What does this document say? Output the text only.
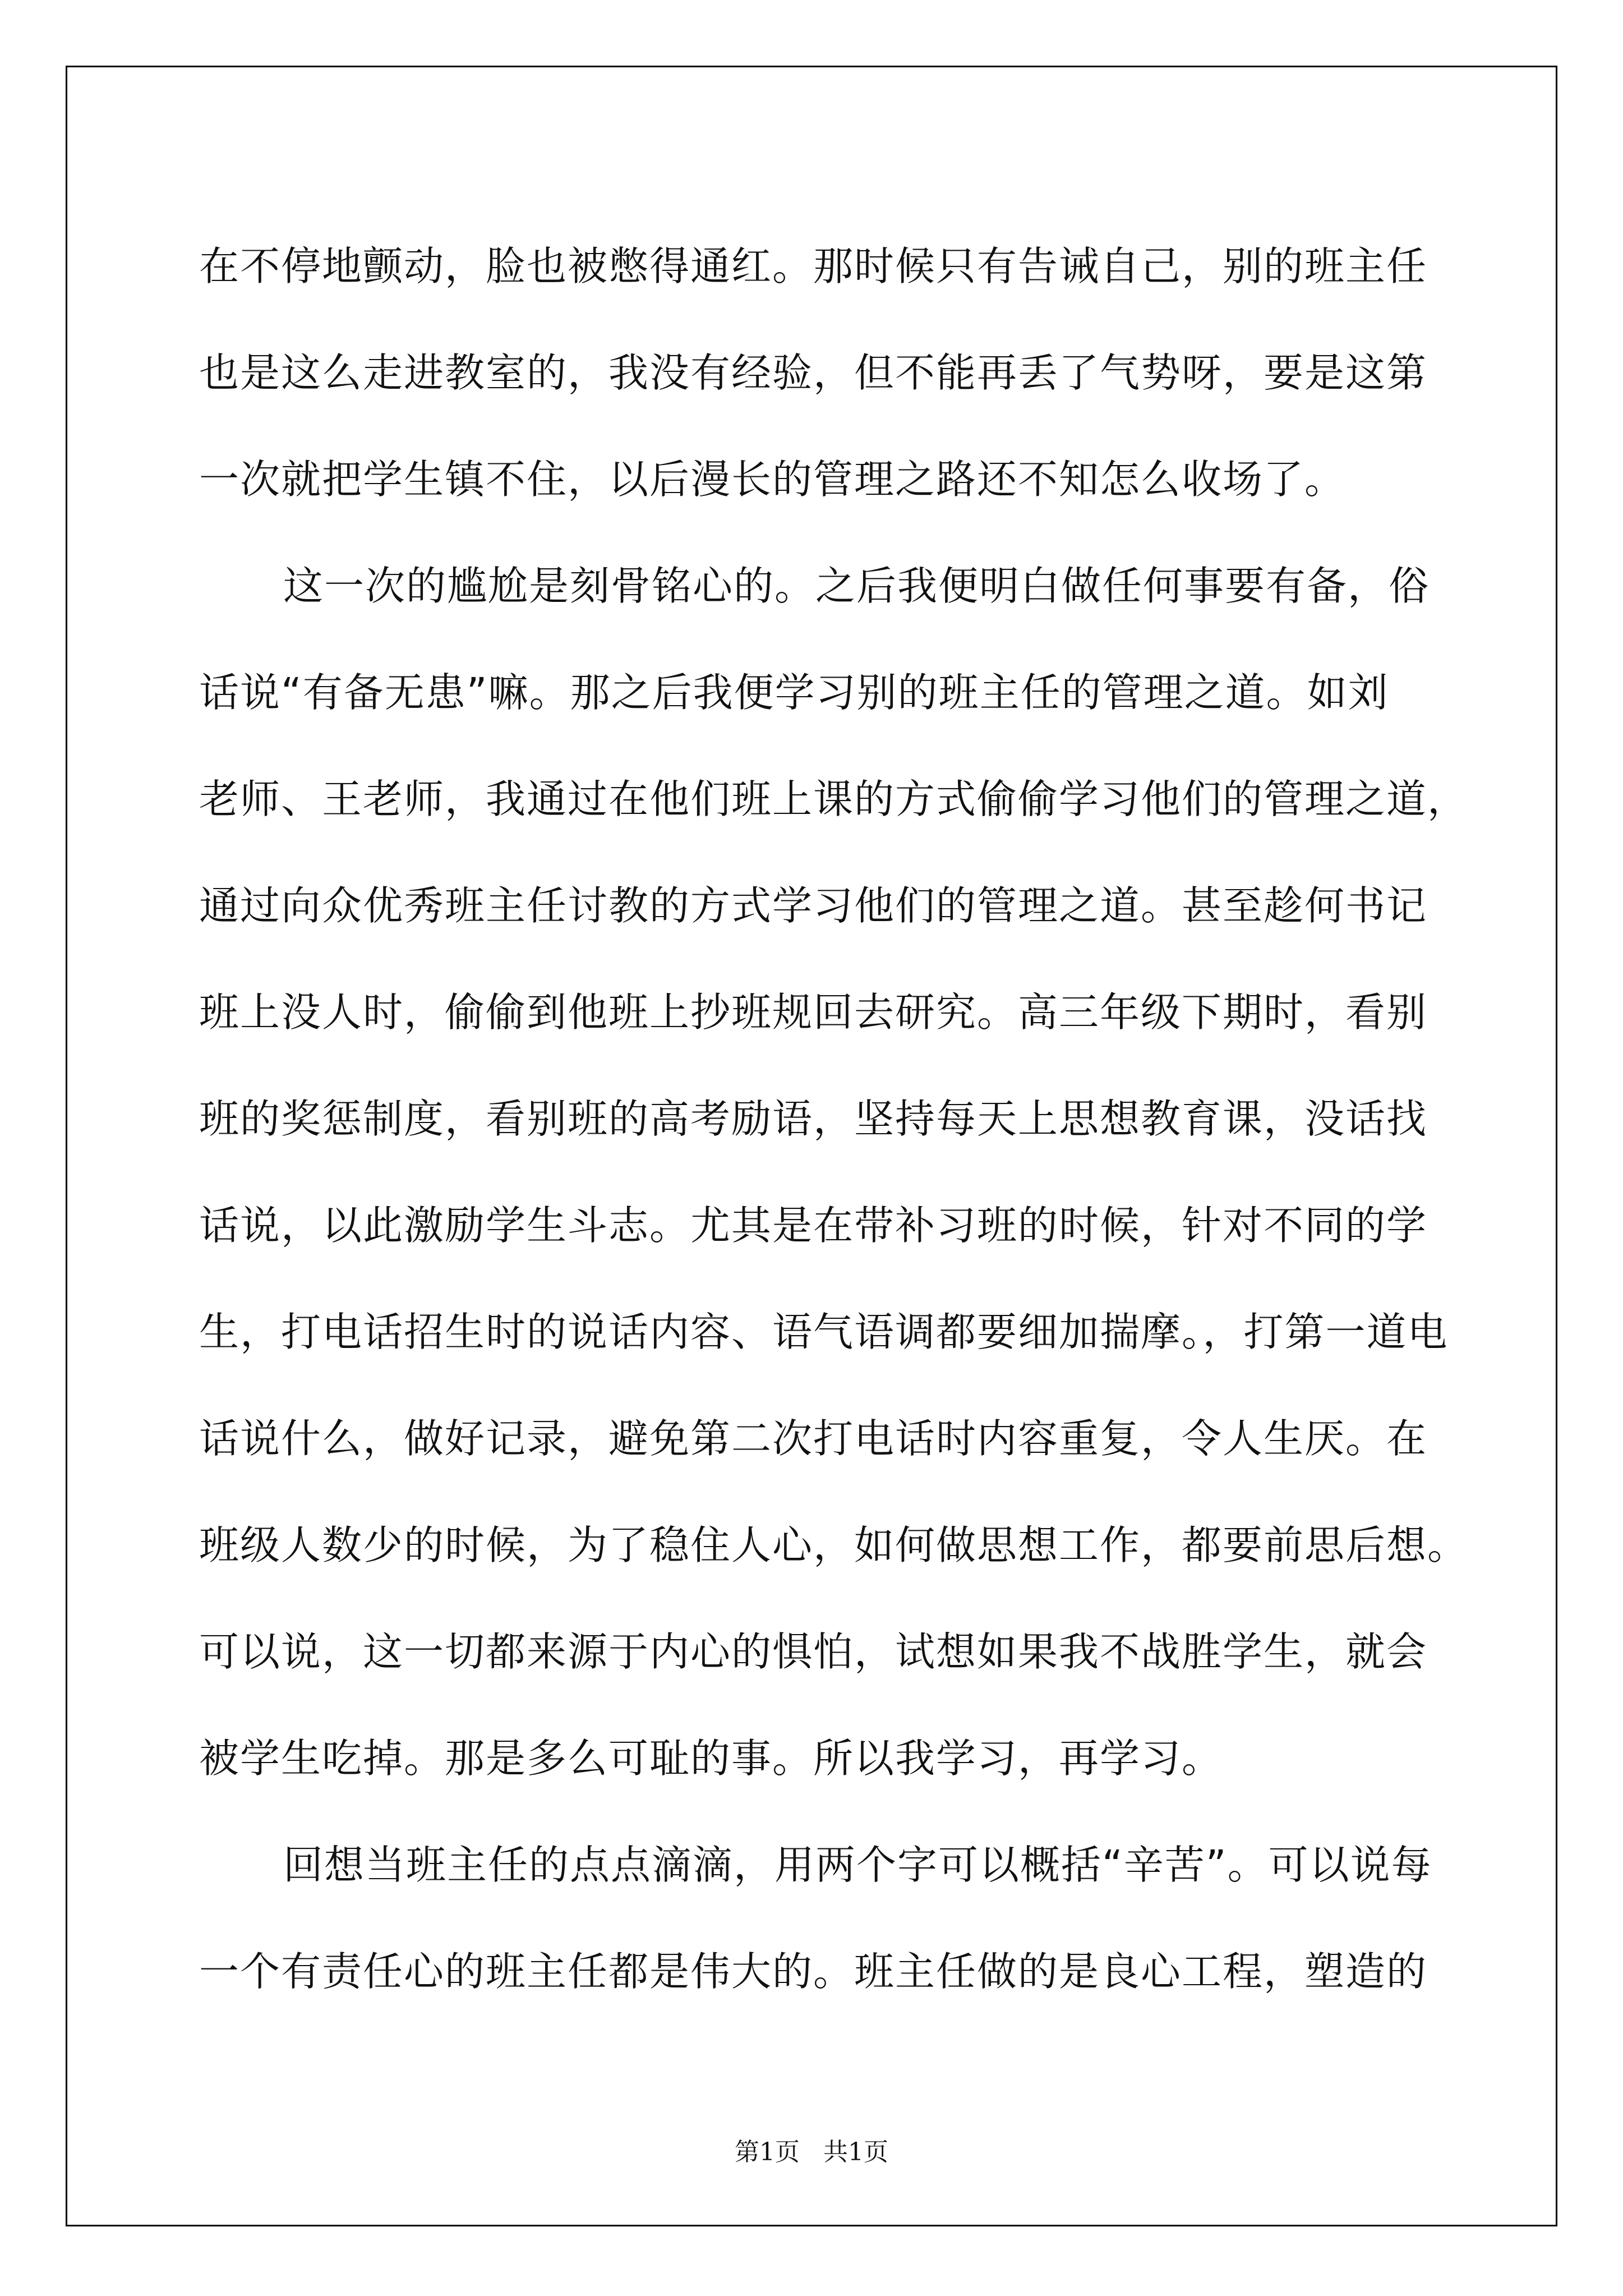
在不停地颤动，脸也被憋得通红。那时候只有告诫自己，别的班主任
也是这么走进教室的，我没有经验，但不能再丢了气势呀，要是这第
一次就把学生镇不住，以后漫长的管理之路还不知怎么收场了。
这一次的尴尬是刻骨铭心的。之后我便明白做任何事要有备，俗
话说“有备无患”嘛。那之后我便学习别的班主任的管理之道。如刘
老师、王老师，我通过在他们班上课的方式偷偷学习他们的管理之道，
通过向众优秀班主任讨教的方式学习他们的管理之道。甚至趁何书记
班上没人时，偷偷到他班上抄班规回去研究。高三年级下期时，看别
班的奖惩制度，看别班的高考励语，坚持每天上思想教育课，没话找
话说，以此激励学生斗志。尤其是在带补习班的时候，针对不同的学
生，打电话招生时的说话内容、语气语调都要细加揣摩。，打第一道电
话说什么，做好记录，避免第二次打电话时内容重复，令人生厌。在
班级人数少的时候，为了稳住人心，如何做思想工作，都要前思后想。
可以说，这一切都来源于内心的惧怕，试想如果我不战胜学生，就会
被学生吃掉。那是多么可耻的事。所以我学习，再学习。
回想当班主任的点点滴滴，用两个字可以概括“辛苦”。可以说每
一个有责任心的班主任都是伟大的。班主任做的是良心工程，塑造的
第1页 共1页
